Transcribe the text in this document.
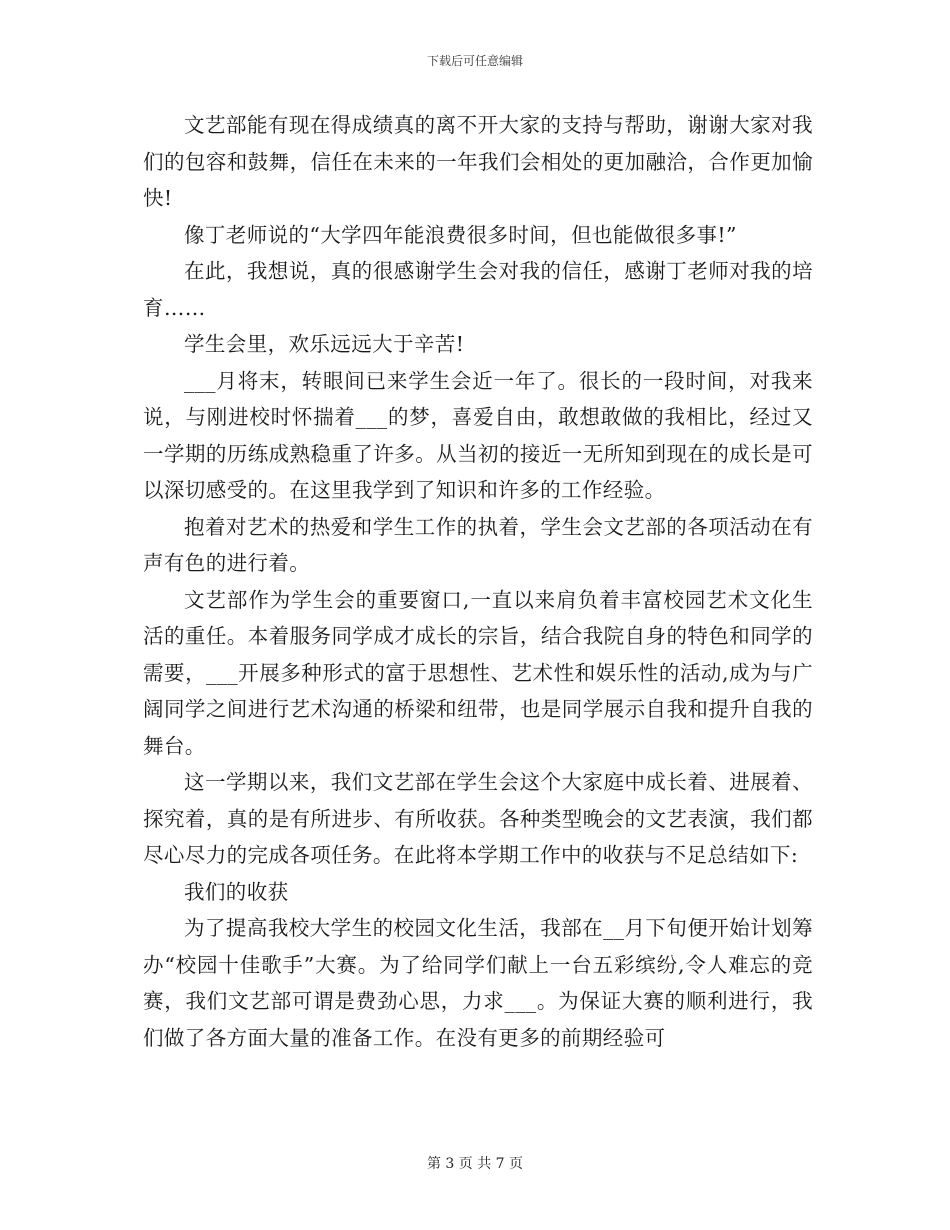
下载后可任意编辑

文艺部能有现在得成绩真的离不开大家的支持与帮助，谢谢大家对我们的包容和鼓舞，信任在未来的一年我们会相处的更加融洽，合作更加愉快!

像丁老师说的“大学四年能浪费很多时间，但也能做很多事!”

在此，我想说，真的很感谢学生会对我的信任，感谢丁老师对我的培育……

学生会里，欢乐远远大于辛苦!

___月将末，转眼间已来学生会近一年了。很长的一段时间，对我来说，与刚进校时怀揣着___的梦，喜爱自由，敢想敢做的我相比，经过又一学期的历练成熟稳重了许多。从当初的接近一无所知到现在的成长是可以深切感受的。在这里我学到了知识和许多的工作经验。

抱着对艺术的热爱和学生工作的执着，学生会文艺部的各项活动在有声有色的进行着。

文艺部作为学生会的重要窗口,一直以来肩负着丰富校园艺术文化生活的重任。本着服务同学成才成长的宗旨，结合我院自身的特色和同学的需要，___开展多种形式的富于思想性、艺术性和娱乐性的活动,成为与广阔同学之间进行艺术沟通的桥梁和纽带，也是同学展示自我和提升自我的舞台。

这一学期以来，我们文艺部在学生会这个大家庭中成长着、进展着、探究着，真的是有所进步、有所收获。各种类型晚会的文艺表演，我们都尽心尽力的完成各项任务。在此将本学期工作中的收获与不足总结如下:

我们的收获

为了提高我校大学生的校园文化生活，我部在__月下旬便开始计划筹办“校园十佳歌手”大赛。为了给同学们献上一台五彩缤纷,令人难忘的竞赛，我们文艺部可谓是费劲心思，力求___。为保证大赛的顺利进行，我们做了各方面大量的准备工作。在没有更多的前期经验可

第 3 页 共 7 页
